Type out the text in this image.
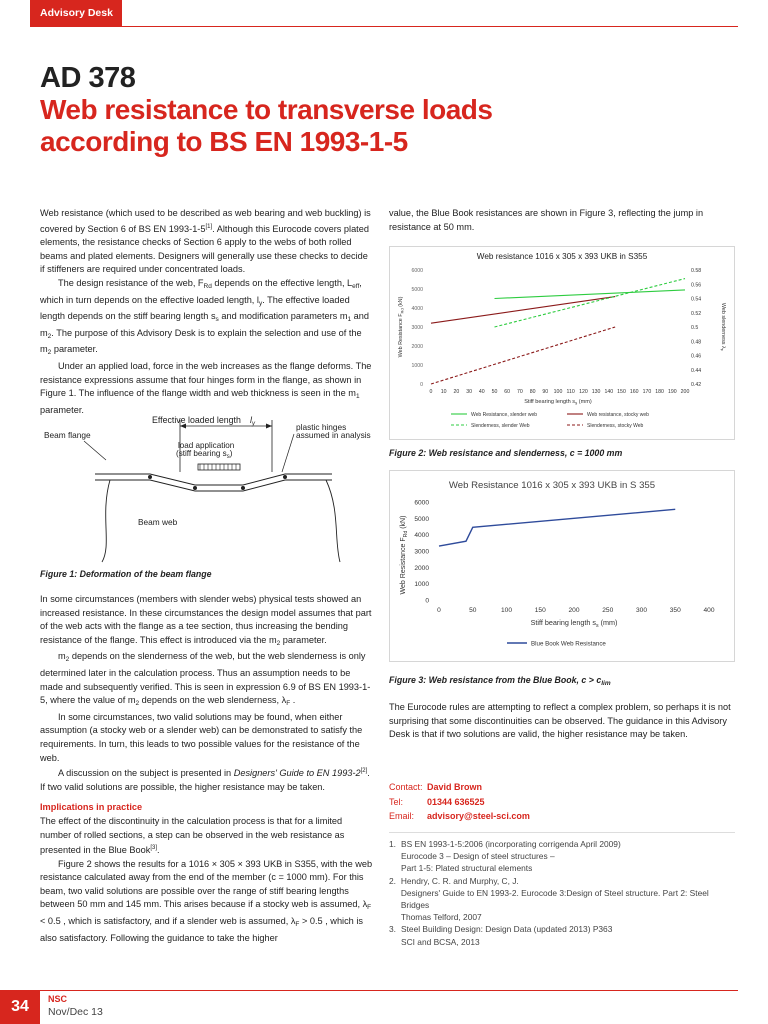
Advisory Desk
AD 378
Web resistance to transverse loads
according to BS EN 1993-1-5

Web resistance (which used to be described as web bearing and web buckling) is covered by Section 6 of BS EN 1993-1-5[1]. Although this Eurocode covers plated elements, the resistance checks of Section 6 apply to the webs of both rolled beams and plated elements. Designers will generally use these checks to decide if stiffeners are required under concentrated loads.

The design resistance of the web, $F_{Rd}$ depends on the effective length, $L_{eff}$, which in turn depends on the effective loaded length, $l_y$. The effective loaded length depends on the stiff bearing length $s_s$ and modification parameters $m_1$ and $m_2$. The purpose of this Advisory Desk is to explain the selection and use of the $m_2$ parameter.

Under an applied load, force in the web increases as the flange deforms. The resistance expressions assume that four hinges form in the flange, as shown in Figure 1. The influence of the flange width and web thickness is seen in the $m_1$ parameter.

Effective loaded length $l_y$	plastic hinges
assumed in analysis
Beam flange
load application
(stiff bearing $s_s$)
Beam web
Figure 1: Deformation of the beam flange

In some circumstances (members with slender webs) physical tests showed an increased resistance. In these circumstances the design model assumes that part of the web acts with the flange as a tee section, thus increasing the bending resistance of the flange. This effect is introduced via the $m_2$ parameter.

$m_2$ depends on the slenderness of the web, but the web slenderness is only determined later in the calculation process. Thus an assumption needs to be made and subsequently verified. This is seen in expression 6.9 of BS EN 1993-1-5, where the value of $m_2$ depends on the web slenderness, $\lambda_F$ .

In some circumstances, two valid solutions may be found, when either assumption (a stocky web or a slender web) can be demonstrated to satisfy the requirements. In turn, this leads to two possible values for the resistance of the web.

A discussion on the subject is presented in Designers' Guide to EN 1993-2[2]. If two valid solutions are possible, the higher resistance may be taken.

Implications in practice

The effect of the discontinuity in the calculation process is that for a limited number of rolled sections, a step can be observed in the web resistance as presented in the Blue Book[3].

Figure 2 shows the results for a 1016 × 305 × 393 UKB in S355, with the web resistance calculated away from the end of the member (c = 1000 mm). For this beam, two valid solutions are possible over the range of stiff bearing lengths between 50 mm and 145 mm. This arises because if a stocky web is assumed, $\lambda_F < 0.5$ , which is satisfactory, and if a slender web is assumed, $\lambda_F > 0.5$ , which is also satisfactory. Following the guidance to take the higher

value, the Blue Book resistances are shown in Figure 3, reflecting the jump in resistance at 50 mm.

Web resistance 1016 x 305 x 393 UKB in S355
0
1000
2000
3000
4000
5000
6000
0.42
0.44
0.46
0.48
0.5
0.52
0.54
0.56
0.58
0 10 20 30 40 50 60 70 80 90 100 110 120 130 140 150 160 170 180 190 200
Stiff bearing length $s_s$ (mm)
Web Resistance $F_{Rd}$ (kN)
Web slenderness $\lambda_F$
Web Resistance, slender web	Web resistance, stocky web
Slenderness, slender Web	Slenderness, stocky Web
Figure 2: Web resistance and slenderness, c = 1000 mm
Web Resistance 1016 x 305 x 393 UKB in S 355
0
1000
2000
3000
4000
5000
6000
0	50	100	150	200	250	300	350	400
Stiff bearing length $s_s$ (mm)
Web Resistance $F_{Rd}$ (kN)
Blue Book Web Resistance
Figure 3: Web resistance from the Blue Book, $c > c_{lim}$

The Eurocode rules are attempting to reflect a complex problem, so perhaps it is not surprising that some discontinuities can be observed. The guidance in this Advisory Desk is that if two solutions are valid, the higher resistance may be taken.

Contact: David Brown
Tel:	01344 636525
Email: advisory@steel-sci.com
1. BS EN 1993-1-5:2006 (incorporating corrigenda April 2009)
Eurocode 3 – Design of steel structures –
Part 1-5: Plated structural elements
2. Hendry, C. R. and Murphy, C, J.
Designers' Guide to EN 1993-2. Eurocode 3:Design of Steel structure. Part 2: Steel Bridges
Thomas Telford, 2007
3. Steel Building Design: Design Data (updated 2013) P363
SCI and BCSA, 2013
34	NSC
Nov/Dec 13
